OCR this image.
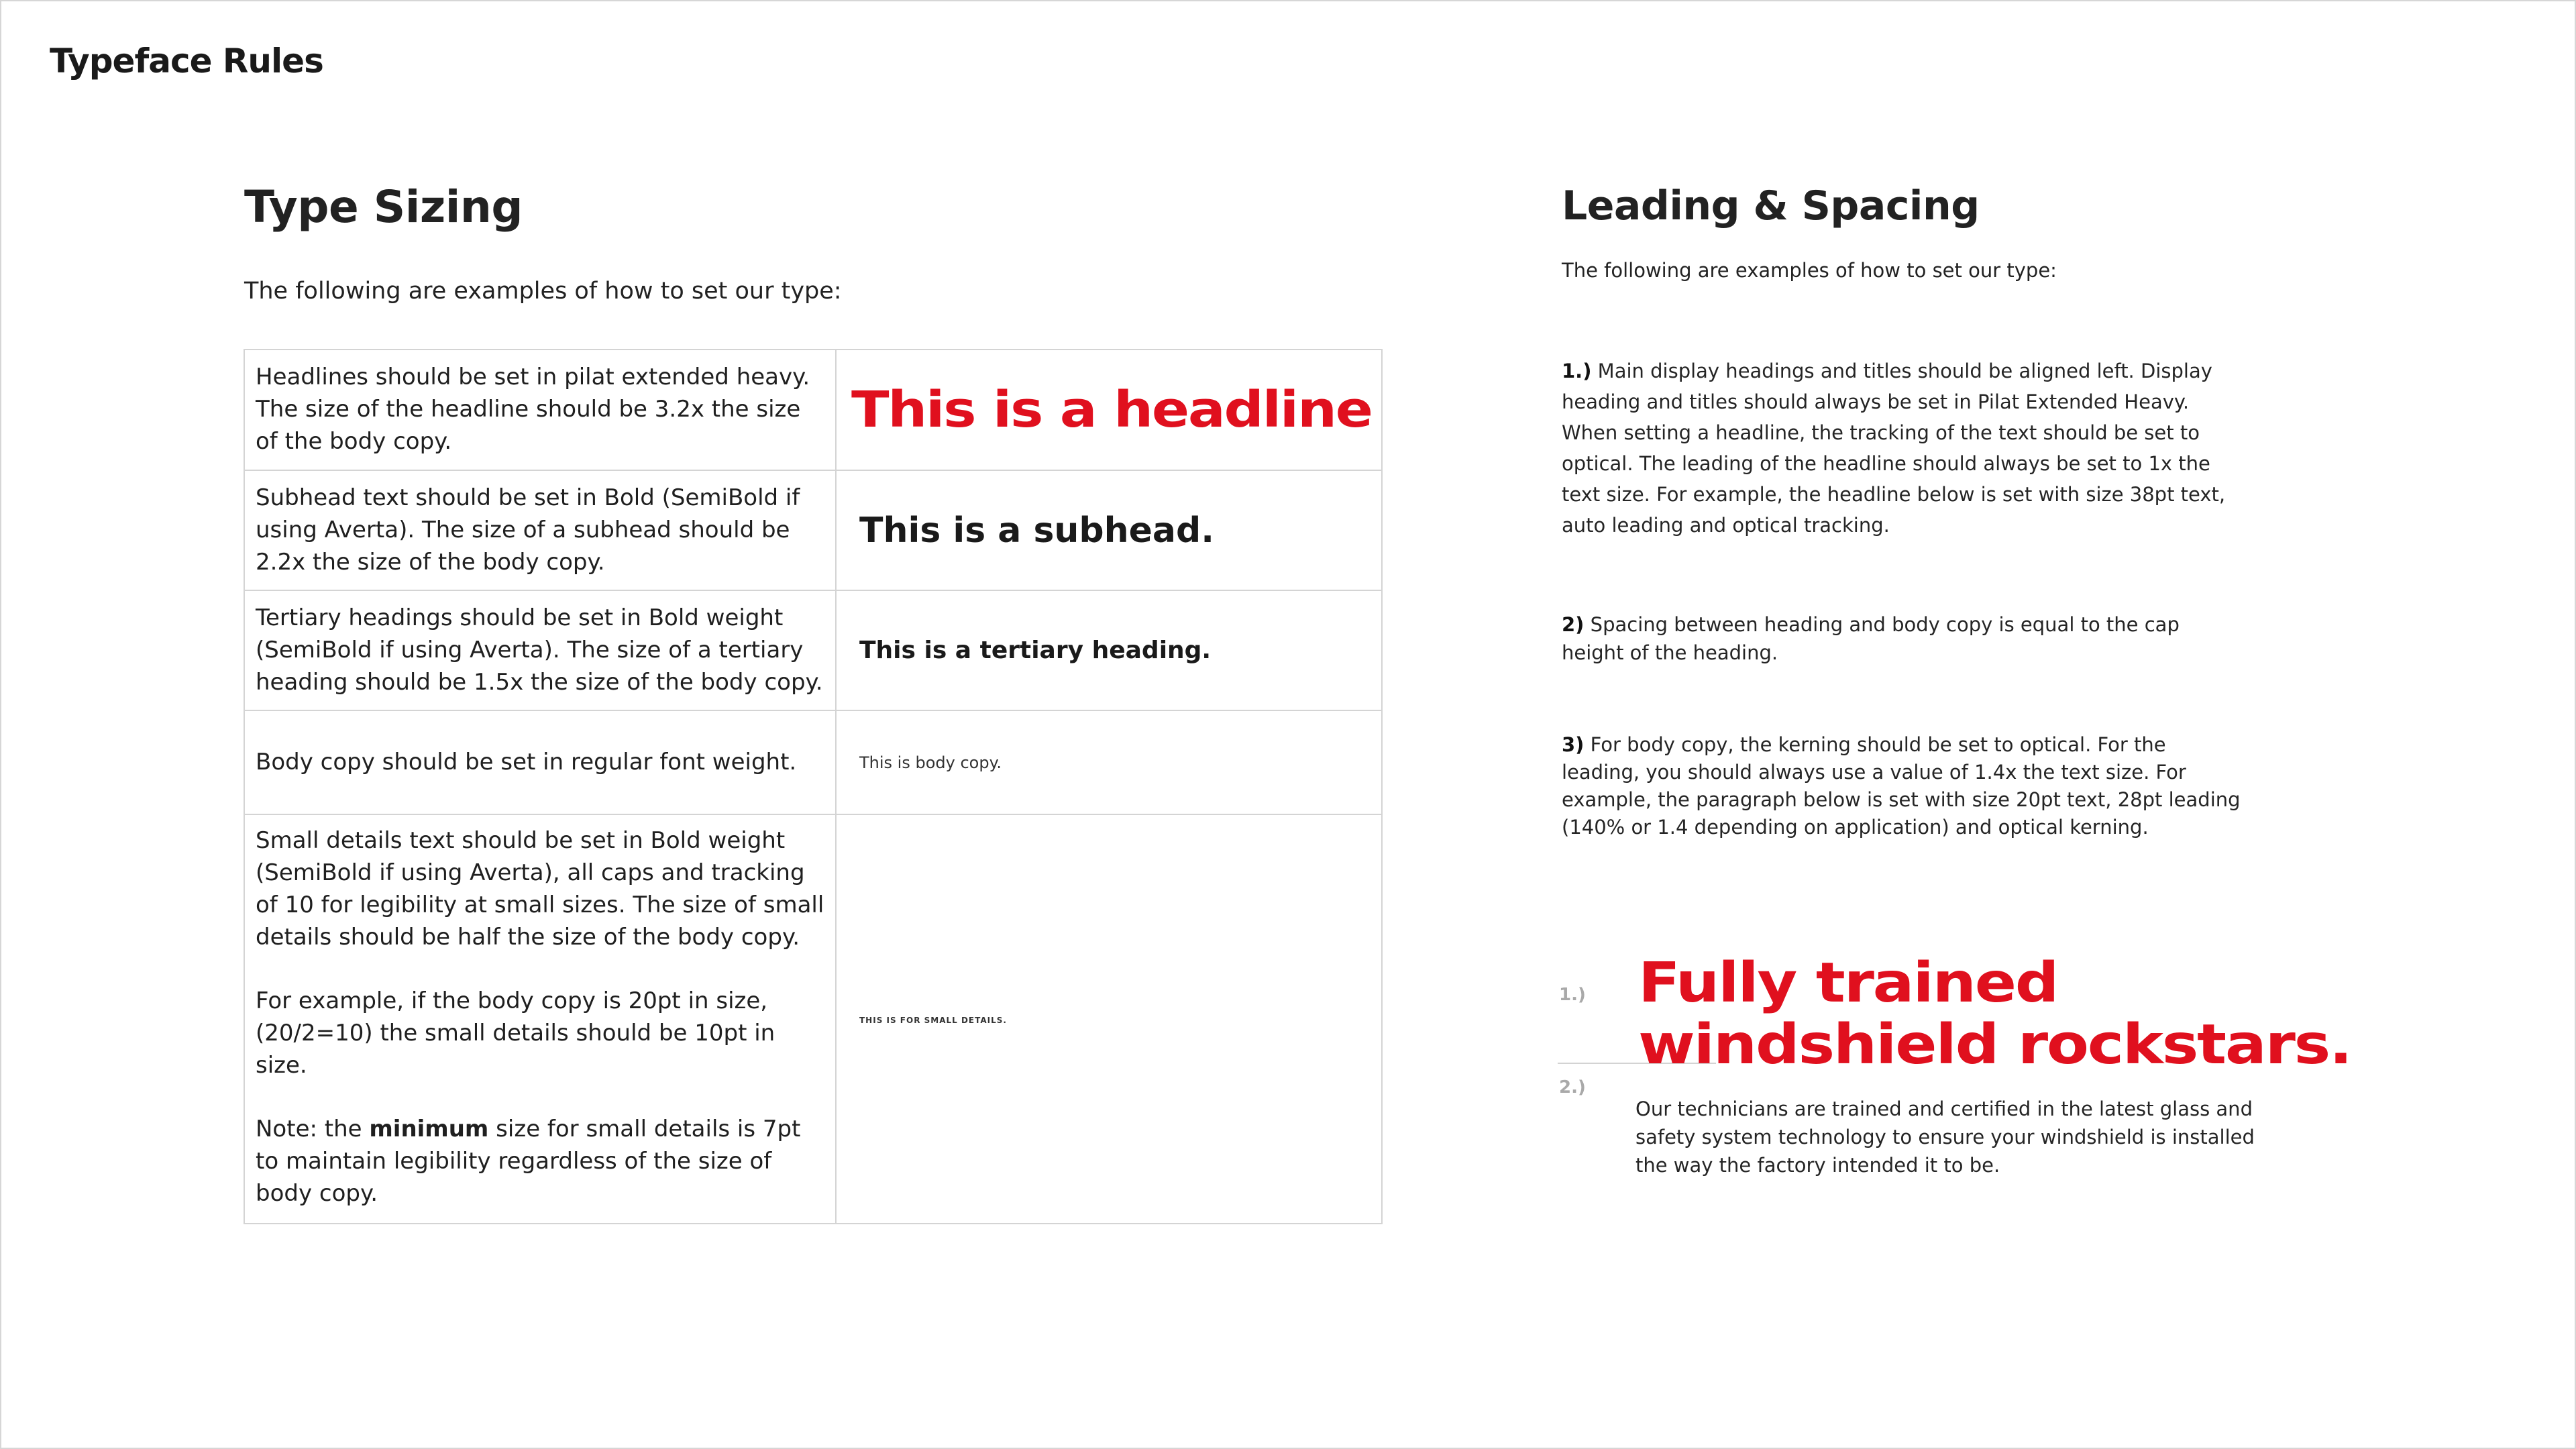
Typeface Rules
Type Sizing
The following are examples of how to set our type:

Headlines should be set in pilat extended heavy. The size of the headline should be 3.2x the size of the body copy.	This is a headline

Subhead text should be set in Bold (SemiBold if using Averta). The size of a subhead should be 2.2x the size of the body copy.	This is a subhead.

Tertiary headings should be set in Bold weight (SemiBold if using Averta). The size of a tertiary heading should be 1.5x the size of the body copy.	This is a tertiary heading.

Body copy should be set in regular font weight.	This is body copy.

Small details text should be set in Bold weight (SemiBold if using Averta), all caps and tracking of 10 for legibility at small sizes. The size of small details should be half the size of the body copy.

For example, if the body copy is 20pt in size, (20/2=10) the small details should be 10pt in size.

Note: the minimum size for small details is 7pt to maintain legibility regardless of the size of body copy.	THIS IS FOR SMALL DETAILS.
Leading & Spacing
The following are examples of how to set our type:
1.) Main display headings and titles should be aligned left. Display heading and titles should always be set in Pilat Extended Heavy. When setting a headline, the tracking of the text should be set to optical. The leading of the headline should always be set to 1x the text size. For example, the headline below is set with size 38pt text, auto leading and optical tracking.
2) Spacing between heading and body copy is equal to the cap height of the heading.
3) For body copy, the kerning should be set to optical. For the leading, you should always use a value of 1.4x the text size. For example, the paragraph below is set with size 20pt text, 28pt leading (140% or 1.4 depending on application) and optical kerning.
1.)
2.)
Fully trained
windshield rockstars.
Our technicians are trained and certified in the latest glass and safety system technology to ensure your windshield is installed the way the factory intended it to be.
